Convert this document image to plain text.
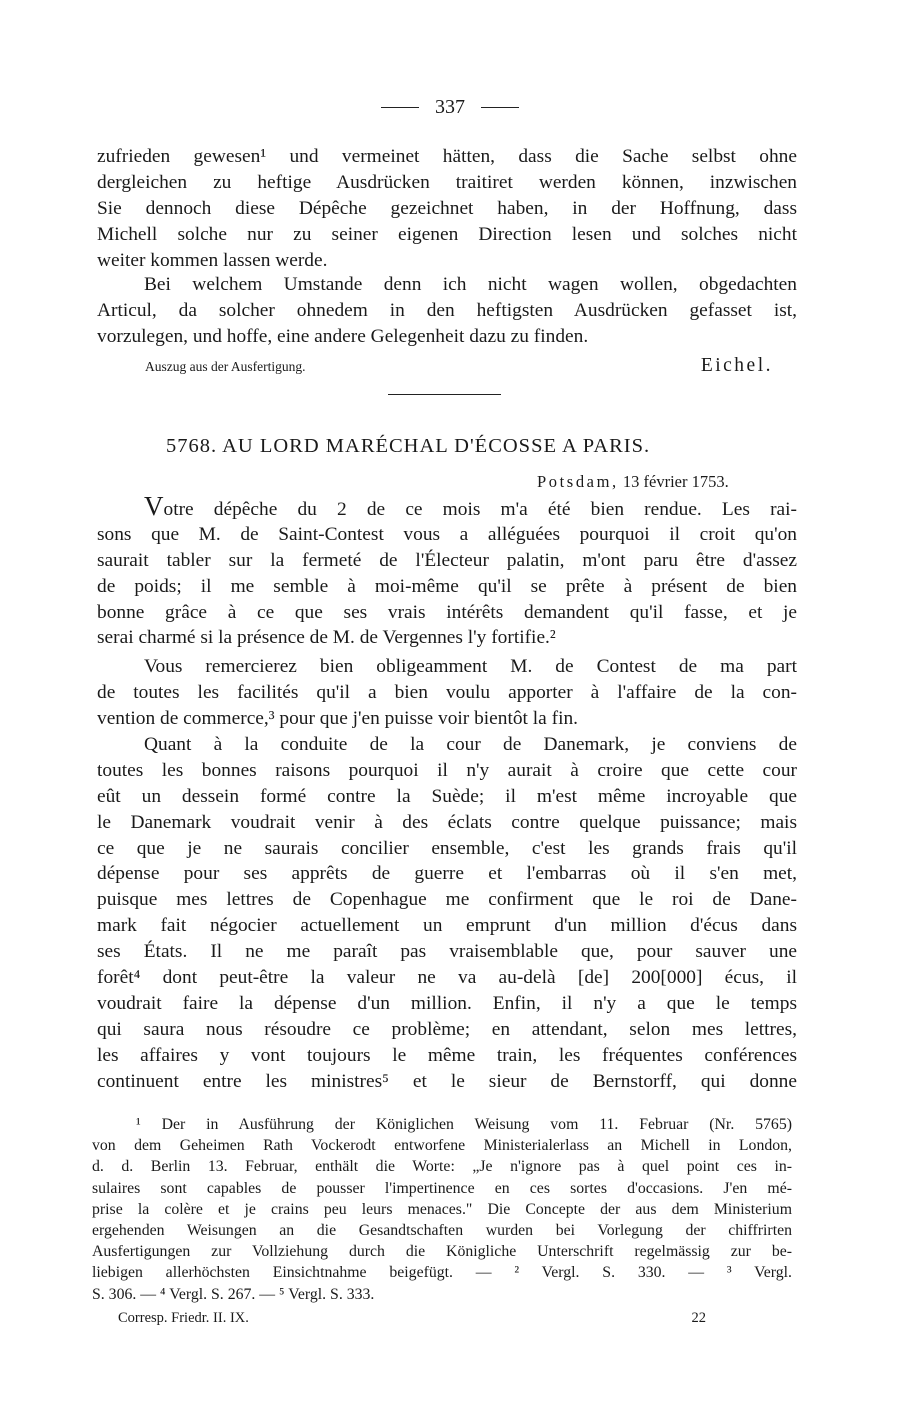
337
zufrieden gewesen¹ und vermeinet hätten, dass die Sache selbst ohne
dergleichen zu heftige Ausdrücken traitiret werden können, inzwischen
Sie dennoch diese Dépêche gezeichnet haben, in der Hoffnung, dass
Michell solche nur zu seiner eigenen Direction lesen und solches nicht
weiter kommen lassen werde.
Bei welchem Umstande denn ich nicht wagen wollen, obgedachten
Articul, da solcher ohnedem in den heftigsten Ausdrücken gefasset ist,
vorzulegen, und hoffe, eine andere Gelegenheit dazu zu finden.
Auszug aus der Ausfertigung.	Eichel.
5768. AU LORD MARÉCHAL D'ÉCOSSE A PARIS.
Potsdam, 13 février 1753.
Votre dépêche du 2 de ce mois m'a été bien rendue. Les rai-
sons que M. de Saint-Contest vous a alléguées pourquoi il croit qu'on
saurait tabler sur la fermeté de l'Électeur palatin, m'ont paru être d'assez
de poids; il me semble à moi-même qu'il se prête à présent de bien
bonne grâce à ce que ses vrais intérêts demandent qu'il fasse, et je
serai charmé si la présence de M. de Vergennes l'y fortifie.²
Vous remercierez bien obligeamment M. de Contest de ma part
de toutes les facilités qu'il a bien voulu apporter à l'affaire de la con-
vention de commerce,³ pour que j'en puisse voir bientôt la fin.
Quant à la conduite de la cour de Danemark, je conviens de
toutes les bonnes raisons pourquoi il n'y aurait à croire que cette cour
eût un dessein formé contre la Suède; il m'est même incroyable que
le Danemark voudrait venir à des éclats contre quelque puissance; mais
ce que je ne saurais concilier ensemble, c'est les grands frais qu'il
dépense pour ses apprêts de guerre et l'embarras où il s'en met,
puisque mes lettres de Copenhague me confirment que le roi de Dane-
mark fait négocier actuellement un emprunt d'un million d'écus dans
ses États. Il ne me paraît pas vraisemblable que, pour sauver une
forêt⁴ dont peut-être la valeur ne va au-delà [de] 200[000] écus, il
voudrait faire la dépense d'un million. Enfin, il n'y a que le temps
qui saura nous résoudre ce problème; en attendant, selon mes lettres,
les affaires y vont toujours le même train, les fréquentes conférences
continuent entre les ministres⁵ et le sieur de Bernstorff, qui donne
¹ Der in Ausführung der Königlichen Weisung vom 11. Februar (Nr. 5765)
von dem Geheimen Rath Vockerodt entworfene Ministerialerlass an Michell in London,
d. d. Berlin 13. Februar, enthält die Worte: „Je n'ignore pas à quel point ces in-
sulaires sont capables de pousser l'impertinence en ces sortes d'occasions. J'en mé-
prise la colère et je crains peu leurs menaces." Die Concepte der aus dem Ministerium
ergehenden Weisungen an die Gesandtschaften wurden bei Vorlegung der chiffrirten
Ausfertigungen zur Vollziehung durch die Königliche Unterschrift regelmässig zur be-
liebigen allerhöchsten Einsichtnahme beigefügt. — ² Vergl. S. 330. — ³ Vergl.
S. 306. — ⁴ Vergl. S. 267. — ⁵ Vergl. S. 333.
Corresp. Friedr. II. IX.	22
